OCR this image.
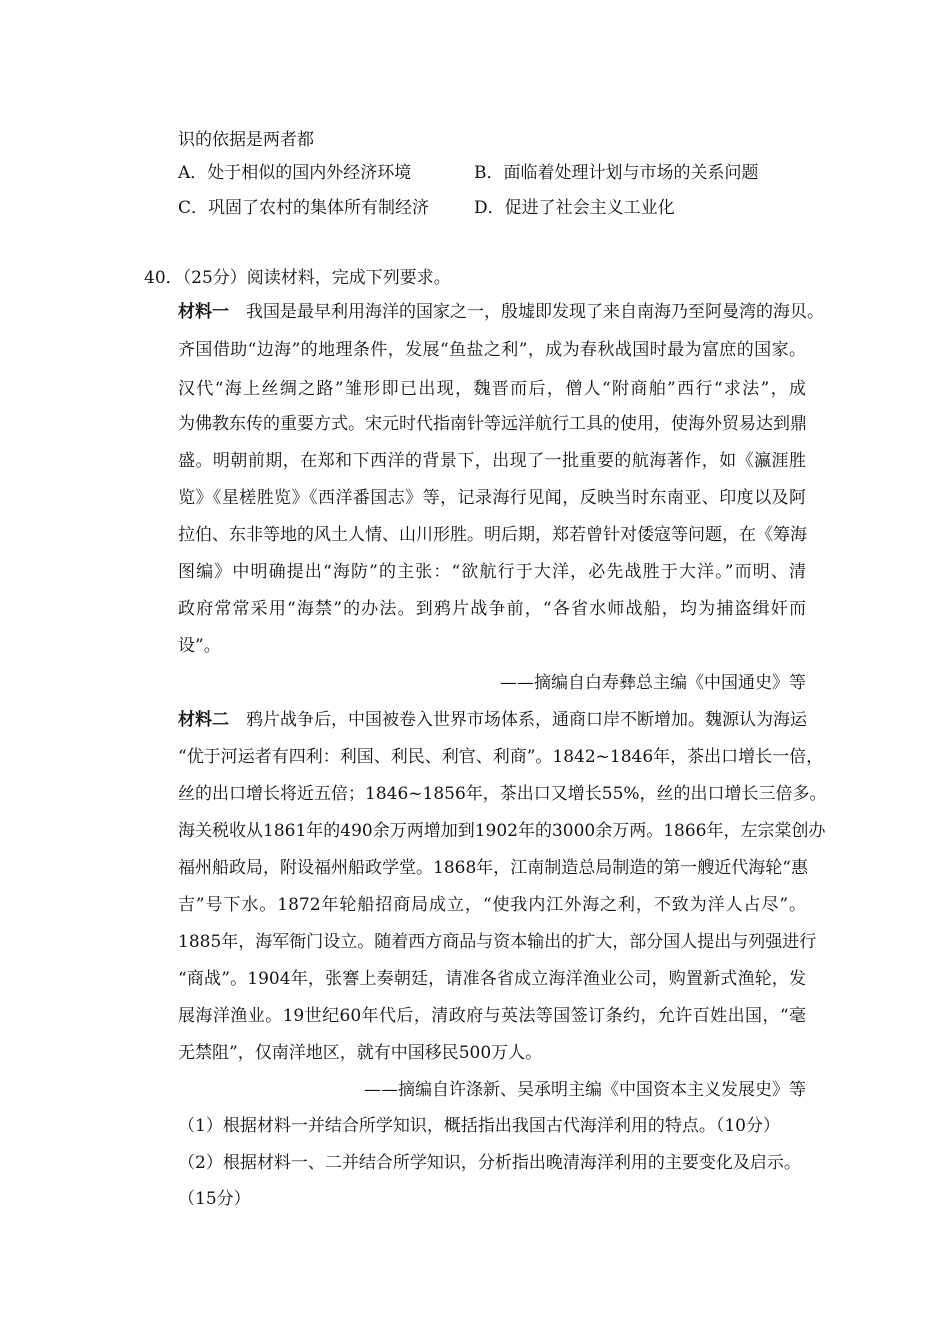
识的依据是两者都
A．处于相似的国内外经济环境	B．面临着处理计划与市场的关系问题
C．巩固了农村的集体所有制经济	D．促进了社会主义工业化
40．（25分）阅读材料，完成下列要求。
材料一 我国是最早利用海洋的国家之一，殷墟即发现了来自南海乃至阿曼湾的海贝。
齐国借助“边海”的地理条件，发展“鱼盐之利”，成为春秋战国时最为富庶的国家。
汉代“海上丝绸之路”雏形即已出现，魏晋而后，僧人“附商舶”西行“求法”，成
为佛教东传的重要方式。宋元时代指南针等远洋航行工具的使用，使海外贸易达到鼎
盛。明朝前期，在郑和下西洋的背景下，出现了一批重要的航海著作，如《瀛涯胜
览》《星槎胜览》《西洋番国志》等，记录海行见闻，反映当时东南亚、印度以及阿
拉伯、东非等地的风土人情、山川形胜。明后期，郑若曾针对倭寇等问题，在《筹海
图编》中明确提出“海防”的主张：“欲航行于大洋，必先战胜于大洋。”而明、清
政府常常采用“海禁”的办法。到鸦片战争前，“各省水师战船，均为捕盗缉奸而
设”。
——摘编自白寿彝总主编《中国通史》等
材料二 鸦片战争后，中国被卷入世界市场体系，通商口岸不断增加。魏源认为海运
“优于河运者有四利：利国、利民、利官、利商”。1842~1846年，茶出口增长一倍，
丝的出口增长将近五倍；1846~1856年，茶出口又增长55%，丝的出口增长三倍多。
海关税收从1861年的490余万两增加到1902年的3000余万两。1866年，左宗棠创办
福州船政局，附设福州船政学堂。1868年，江南制造总局制造的第一艘近代海轮“惠
吉”号下水。1872年轮船招商局成立，“使我内江外海之利，不致为洋人占尽”。
1885年，海军衙门设立。随着西方商品与资本输出的扩大，部分国人提出与列强进行
“商战”。1904年，张謇上奏朝廷，请准各省成立海洋渔业公司，购置新式渔轮，发
展海洋渔业。19世纪60年代后，清政府与英法等国签订条约，允许百姓出国，“毫
无禁阻”，仅南洋地区，就有中国移民500万人。
——摘编自许涤新、吴承明主编《中国资本主义发展史》等
（1）根据材料一并结合所学知识，概括指出我国古代海洋利用的特点。（10分）
（2）根据材料一、二并结合所学知识，分析指出晚清海洋利用的主要变化及启示。
（15分）
